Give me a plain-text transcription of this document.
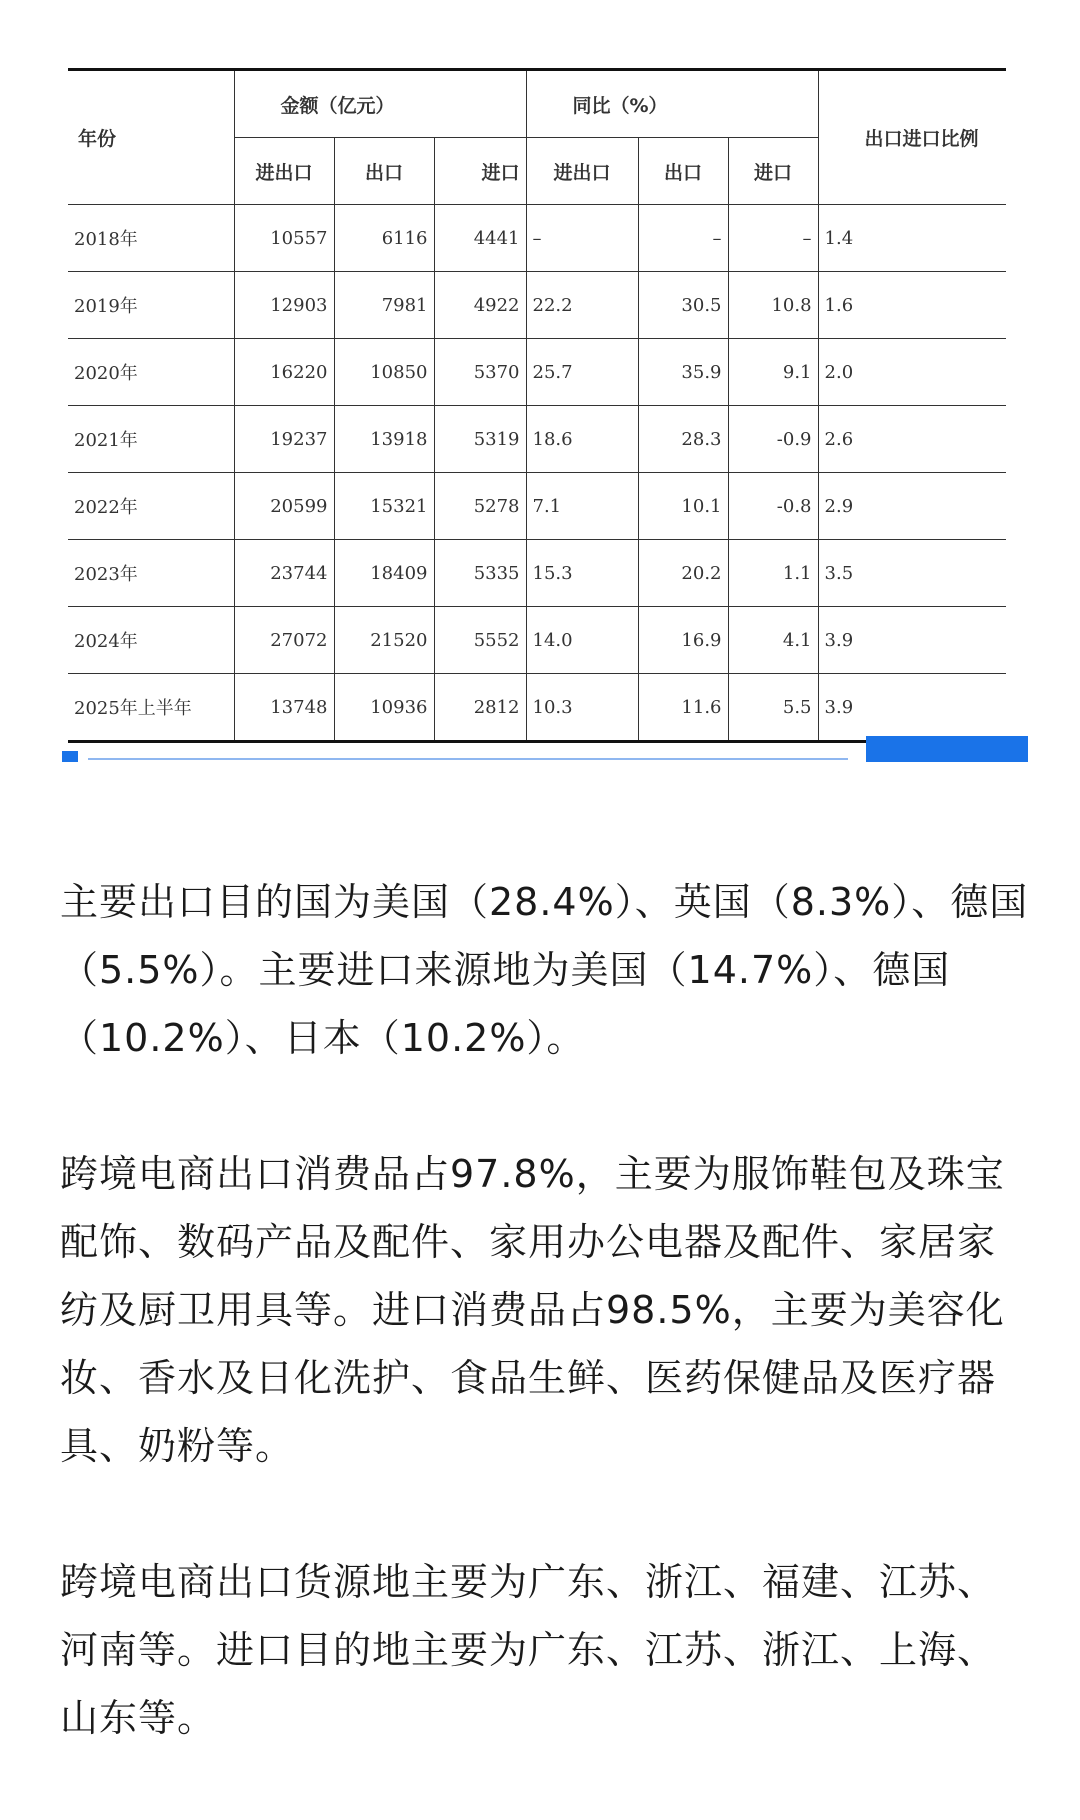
年份	金额（亿元）			同比（%）			出口进口比例
	进出口	出口	进口	进出口	出口	进口	
2018年	10557	6116	4441	–	–	–	1.4
2019年	12903	7981	4922	22.2	30.5	10.8	1.6
2020年	16220	10850	5370	25.7	35.9	9.1	2.0
2021年	19237	13918	5319	18.6	28.3	-0.9	2.6
2022年	20599	15321	5278	7.1	10.1	-0.8	2.9
2023年	23744	18409	5335	15.3	20.2	1.1	3.5
2024年	27072	21520	5552	14.0	16.9	4.1	3.9
2025年上半年	13748	10936	2812	10.3	11.6	5.5	3.9

主要出口目的国为美国（28.4%）、英国（8.3%）、德国（5.5%）。主要进口来源地为美国（14.7%）、德国（10.2%）、日本（10.2%）。

跨境电商出口消费品占97.8%，主要为服饰鞋包及珠宝配饰、数码产品及配件、家用办公电器及配件、家居家纺及厨卫用具等。进口消费品占98.5%，主要为美容化妆、香水及日化洗护、食品生鲜、医药保健品及医疗器具、奶粉等。

跨境电商出口货源地主要为广东、浙江、福建、江苏、河南等。进口目的地主要为广东、江苏、浙江、上海、山东等。
